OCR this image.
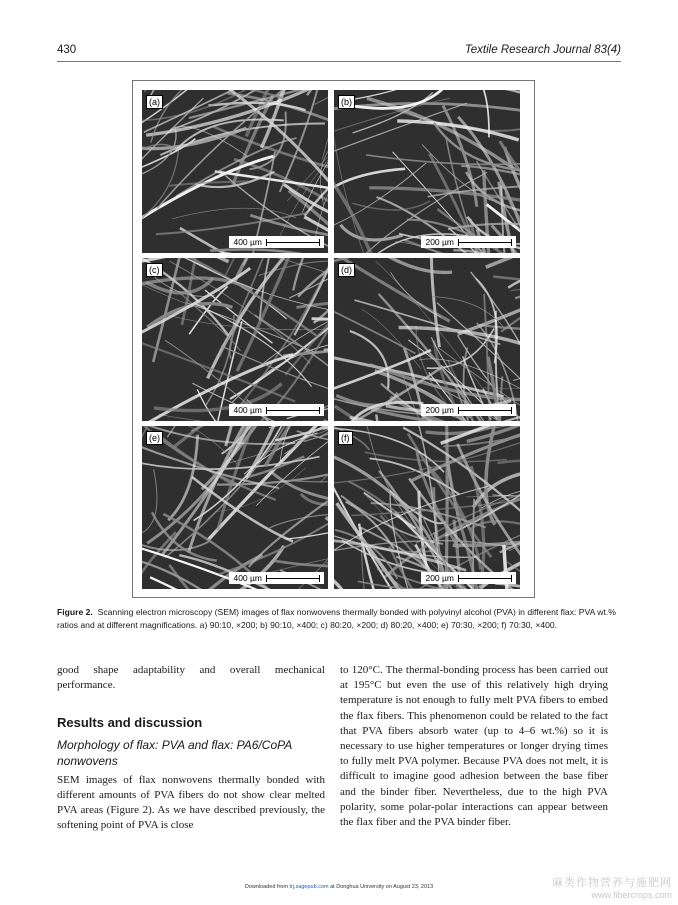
430	Textile Research Journal 83(4)
(a)
400 µm
(b)
200 µm
(c)
400 µm
(d)
200 µm
(e)
400 µm
(f)
200 µm
Figure 2. Scanning electron microscopy (SEM) images of flax nonwovens thermally bonded with polyvinyl alcohol (PVA) in different flax: PVA wt.% ratios and at different magnifications. a) 90:10, ×200; b) 90:10, ×400; c) 80:20, ×200; d) 80:20, ×400; e) 70:30, ×200; f) 70:30, ×400.

good shape adaptability and overall mechanical performance.

Results and discussion
Morphology of flax: PVA and flax: PA6/CoPA nonwovens

SEM images of flax nonwovens thermally bonded with different amounts of PVA fibers do not show clear melted PVA areas (Figure 2). As we have described previously, the softening point of PVA is close

to 120°C. The thermal-bonding process has been carried out at 195°C but even the use of this relatively high drying temperature is not enough to fully melt PVA fibers to embed the flax fibers. This phenomenon could be related to the fact that PVA fibers absorb water (up to 4–6 wt.%) so it is necessary to use higher temperatures or longer drying times to fully melt PVA polymer. Because PVA does not melt, it is difficult to imagine good adhesion between the base fiber and the binder fiber. Nevertheless, due to the high PVA polarity, some polar-polar interactions can appear between the flax fiber and the PVA binder fiber.

Downloaded from trj.sagepub.com at Donghua University on August 23, 2013	麻类作物营养与施肥网
www.fibercrops.com
